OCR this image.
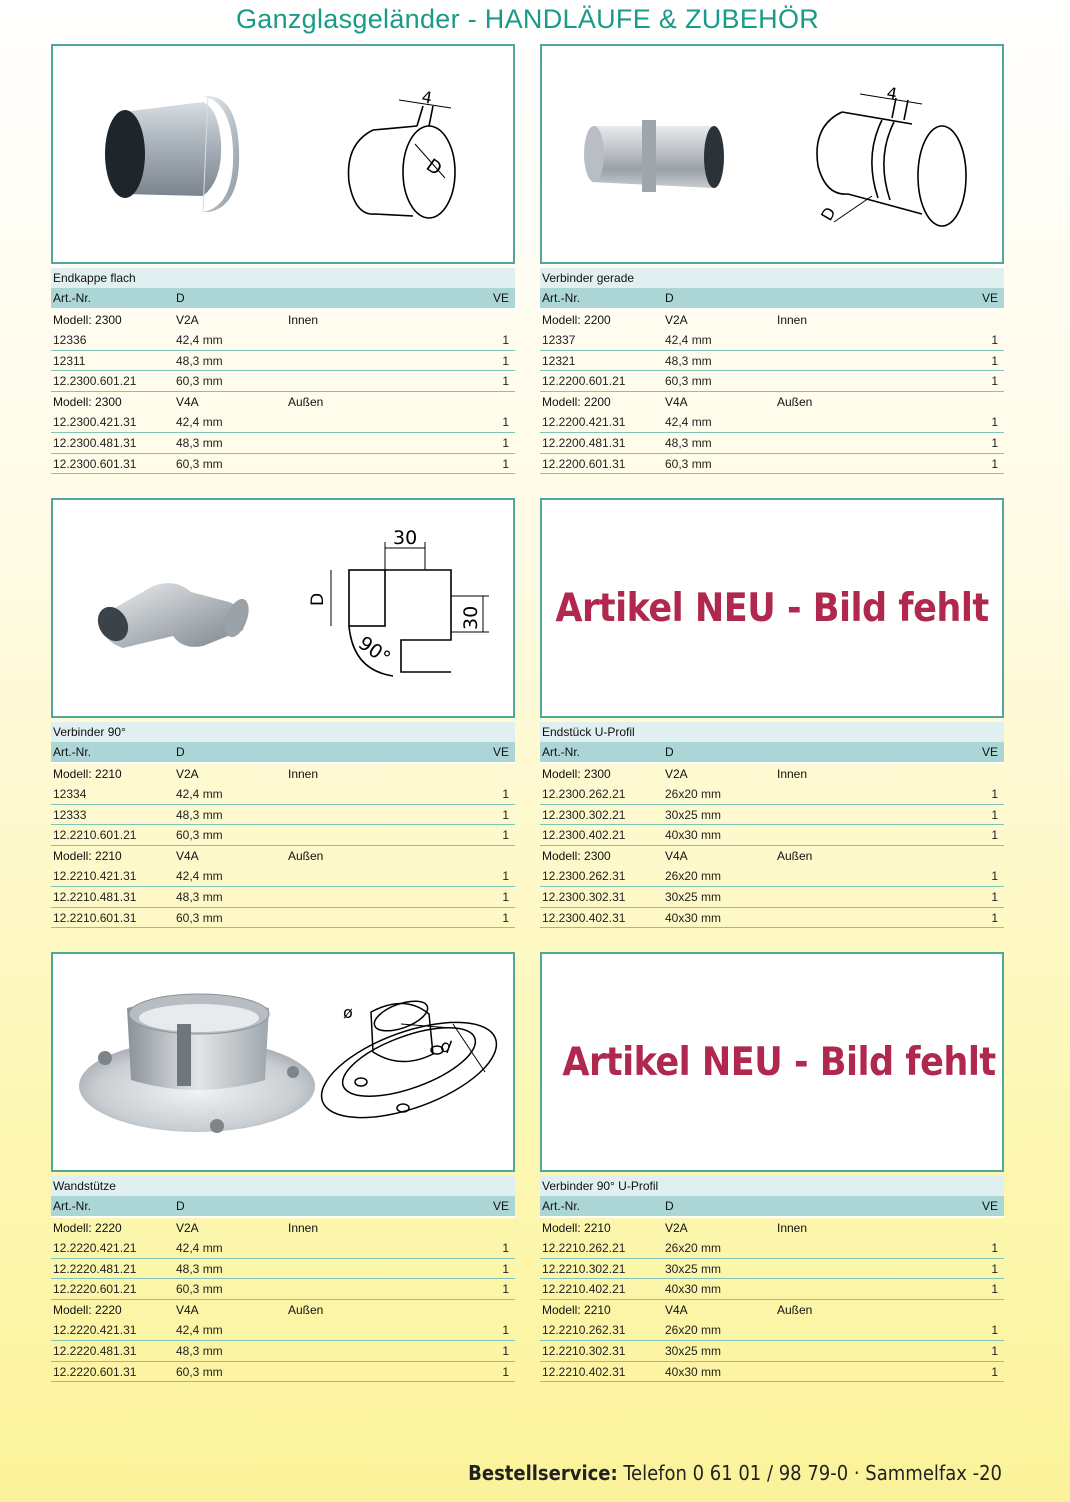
Ganzglasgeländer - HANDLÄUFE & ZUBEHÖR
4
D
Endkappe flach
Art.-Nr.	D	VE
Modell: 2300	V2A	Innen
12336	42,4 mm	1
12311	48,3 mm	1
12.2300.601.21	60,3 mm	1
Modell: 2300	V4A	Außen
12.2300.421.31	42,4 mm	1
12.2300.481.31	48,3 mm	1
12.2300.601.31	60,3 mm	1
4
D
Verbinder gerade
Art.-Nr.	D	VE
Modell: 2200	V2A	Innen
12337	42,4 mm	1
12321	48,3 mm	1
12.2200.601.21	60,3 mm	1
Modell: 2200	V4A	Außen
12.2200.421.31	42,4 mm	1
12.2200.481.31	48,3 mm	1
12.2200.601.31	60,3 mm	1
30
D
30
90°
Verbinder 90°
Art.-Nr.	D	VE
Modell: 2210	V2A	Innen
12334	42,4 mm	1
12333	48,3 mm	1
12.2210.601.21	60,3 mm	1
Modell: 2210	V4A	Außen
12.2210.421.31	42,4 mm	1
12.2210.481.31	48,3 mm	1
12.2210.601.31	60,3 mm	1
Artikel NEU - Bild fehlt
Endstück U-Profil
Art.-Nr.	D	VE
Modell: 2300	V2A	Innen
12.2300.262.21	26x20 mm	1
12.2300.302.21	30x25 mm	1
12.2300.402.21	40x30 mm	1
Modell: 2300	V4A	Außen
12.2300.262.31	26x20 mm	1
12.2300.302.31	30x25 mm	1
12.2300.402.31	40x30 mm	1
ø
d
Wandstütze
Art.-Nr.	D	VE
Modell: 2220	V2A	Innen
12.2220.421.21	42,4 mm	1
12.2220.481.21	48,3 mm	1
12.2220.601.21	60,3 mm	1
Modell: 2220	V4A	Außen
12.2220.421.31	42,4 mm	1
12.2220.481.31	48,3 mm	1
12.2220.601.31	60,3 mm	1
Artikel NEU - Bild fehlt
Verbinder 90° U-Profil
Art.-Nr.	D	VE
Modell: 2210	V2A	Innen
12.2210.262.21	26x20 mm	1
12.2210.302.21	30x25 mm	1
12.2210.402.21	40x30 mm	1
Modell: 2210	V4A	Außen
12.2210.262.31	26x20 mm	1
12.2210.302.31	30x25 mm	1
12.2210.402.31	40x30 mm	1
Bestellservice: Telefon 0 61 01 / 98 79-0 · Sammelfax -20
